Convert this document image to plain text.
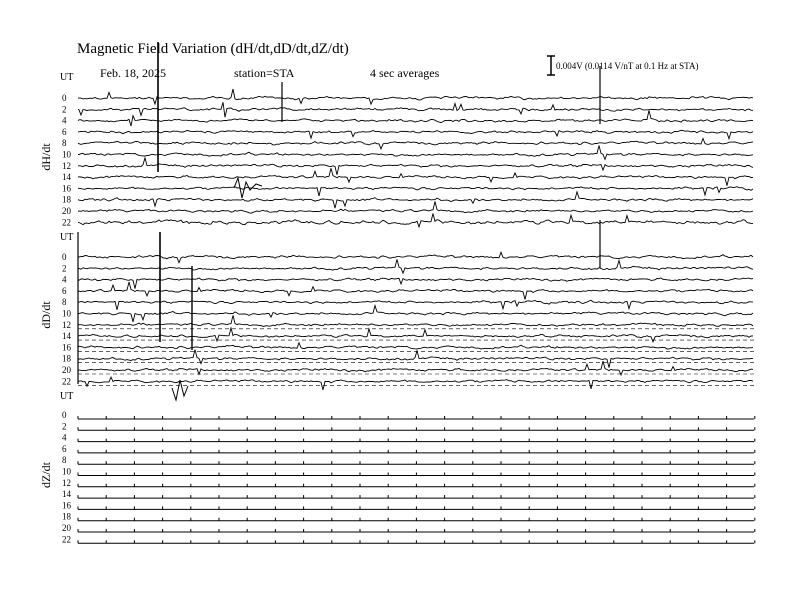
Magnetic Field Variation (dH/dt,dD/dt,dZ/dt)
Feb. 18, 2025	station=STA	4 sec averages	0.004V (0.0114 V/nT at 0.1 Hz at STA)
UT
dH/dt
0
2
4
6
8
10
12
14
16
18
20
22
UT
dD/dt
0
2
4
6
8
10
12
14
16
18
20
22
UT
dZ/dt
0
2
4
6
8
10
12
14
16
18
20
22
